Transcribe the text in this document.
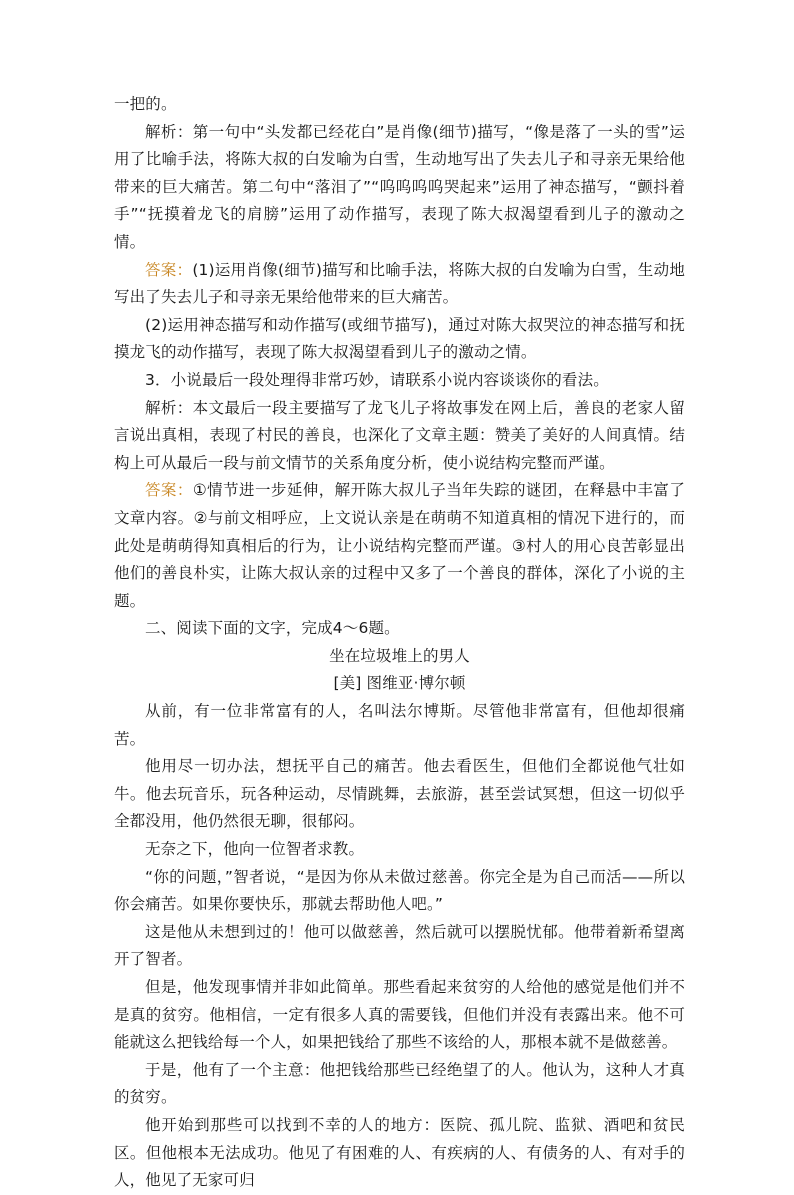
一把的。

解析：第一句中“头发都已经花白”是肖像(细节)描写，“像是落了一头的雪”运用了比喻手法，将陈大叔的白发喻为白雪，生动地写出了失去儿子和寻亲无果给他带来的巨大痛苦。第二句中“落泪了”“呜呜呜呜哭起来”运用了神态描写，“颤抖着手”“抚摸着龙飞的肩膀”运用了动作描写，表现了陈大叔渴望看到儿子的激动之情。

答案：(1)运用肖像(细节)描写和比喻手法，将陈大叔的白发喻为白雪，生动地写出了失去儿子和寻亲无果给他带来的巨大痛苦。

(2)运用神态描写和动作描写(或细节描写)，通过对陈大叔哭泣的神态描写和抚摸龙飞的动作描写，表现了陈大叔渴望看到儿子的激动之情。

3．小说最后一段处理得非常巧妙，请联系小说内容谈谈你的看法。

解析：本文最后一段主要描写了龙飞儿子将故事发在网上后，善良的老家人留言说出真相，表现了村民的善良，也深化了文章主题：赞美了美好的人间真情。结构上可从最后一段与前文情节的关系角度分析，使小说结构完整而严谨。

答案：①情节进一步延伸，解开陈大叔儿子当年失踪的谜团，在释悬中丰富了文章内容。②与前文相呼应，上文说认亲是在萌萌不知道真相的情况下进行的，而此处是萌萌得知真相后的行为，让小说结构完整而严谨。③村人的用心良苦彰显出他们的善良朴实，让陈大叔认亲的过程中又多了一个善良的群体，深化了小说的主题。

二、阅读下面的文字，完成4～6题。

坐在垃圾堆上的男人

[美] 图维亚·博尔顿

从前，有一位非常富有的人，名叫法尔博斯。尽管他非常富有，但他却很痛苦。

他用尽一切办法，想抚平自己的痛苦。他去看医生，但他们全都说他气壮如牛。他去玩音乐，玩各种运动，尽情跳舞，去旅游，甚至尝试冥想，但这一切似乎全都没用，他仍然很无聊，很郁闷。

无奈之下，他向一位智者求教。

“你的问题，”智者说，“是因为你从未做过慈善。你完全是为自己而活——所以你会痛苦。如果你要快乐，那就去帮助他人吧。”

这是他从未想到过的！他可以做慈善，然后就可以摆脱忧郁。他带着新希望离开了智者。

但是，他发现事情并非如此简单。那些看起来贫穷的人给他的感觉是他们并不是真的贫穷。他相信，一定有很多人真的需要钱，但他们并没有表露出来。他不可能就这么把钱给每一个人，如果把钱给了那些不该给的人，那根本就不是做慈善。

于是，他有了一个主意：他把钱给那些已经绝望了的人。他认为，这种人才真的贫穷。

他开始到那些可以找到不幸的人的地方：医院、孤儿院、监狱、酒吧和贫民区。但他根本无法成功。他见了有困难的人、有疾病的人、有债务的人、有对手的人，他见了无家可归
